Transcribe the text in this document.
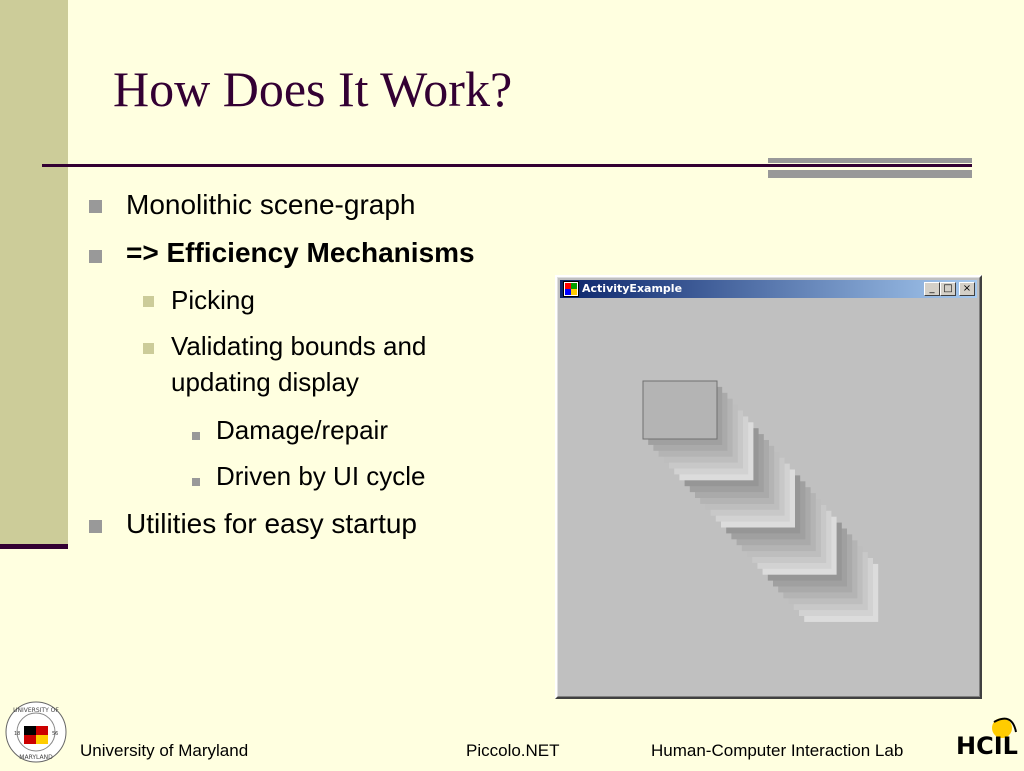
How Does It Work?
Monolithic scene-graph
=> Efficiency Mechanisms
Picking
Validating bounds and
updating display
Damage/repair
Driven by UI cycle
Utilities for easy startup
ActivityExample	_ □	×
UNIVERSITY OF
MARYLAND
18	56
University of Maryland	Piccolo.NET	Human-Computer Interaction Lab HCIL
